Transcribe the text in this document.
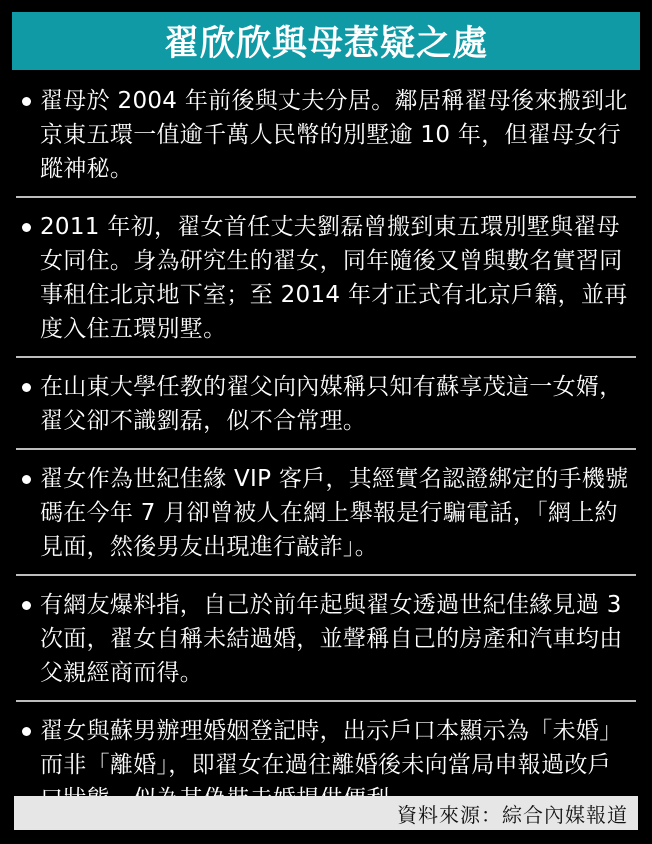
翟欣欣與母惹疑之處

翟母於 2004 年前後與丈夫分居。鄰居稱翟母後來搬到北京東五環一值逾千萬人民幣的別墅逾 10 年，但翟母女行蹤神秘。

2011 年初，翟女首任丈夫劉磊曾搬到東五環別墅與翟母女同住。身為研究生的翟女，同年隨後又曾與數名實習同事租住北京地下室；至 2014 年才正式有北京戶籍，並再度入住五環別墅。

在山東大學任教的翟父向內媒稱只知有蘇享茂這一女婿，翟父卻不識劉磊，似不合常理。

翟女作為世紀佳緣 VIP 客戶，其經實名認證綁定的手機號碼在今年 7 月卻曾被人在網上舉報是行騙電話，「網上約見面，然後男友出現進行敲詐」。

有網友爆料指，自己於前年起與翟女透過世紀佳緣見過 3 次面，翟女自稱未結過婚，並聲稱自己的房產和汽車均由父親經商而得。

翟女與蘇男辦理婚姻登記時，出示戶口本顯示為「未婚」而非「離婚」，即翟女在過往離婚後未向當局申報過改戶

資料來源：綜合內媒報道
